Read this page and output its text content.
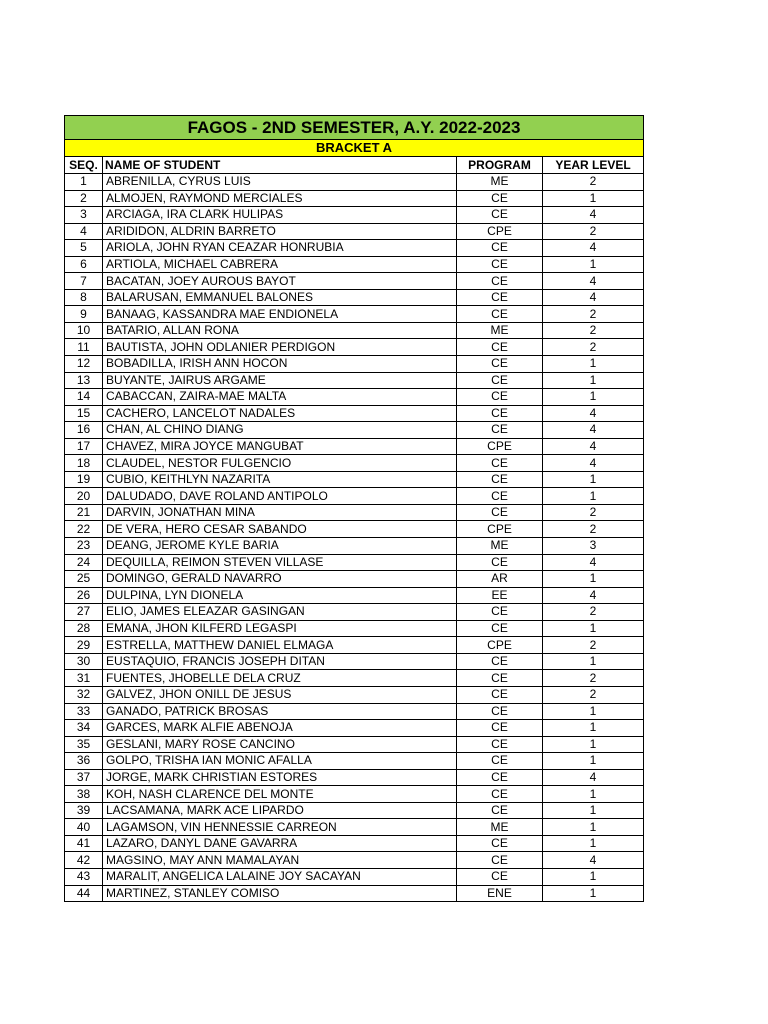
FAGOS - 2ND SEMESTER, A.Y. 2022-2023			
BRACKET A			
SEQ.	NAME OF STUDENT	PROGRAM	YEAR LEVEL
1	ABRENILLA, CYRUS LUIS	ME	2
2	ALMOJEN, RAYMOND MERCIALES	CE	1
3	ARCIAGA, IRA CLARK HULIPAS	CE	4
4	ARIDIDON, ALDRIN BARRETO	CPE	2
5	ARIOLA, JOHN RYAN CEAZAR HONRUBIA	CE	4
6	ARTIOLA, MICHAEL CABRERA	CE	1
7	BACATAN, JOEY AUROUS BAYOT	CE	4
8	BALARUSAN, EMMANUEL BALONES	CE	4
9	BANAAG, KASSANDRA MAE ENDIONELA	CE	2
10	BATARIO, ALLAN RONA	ME	2
11	BAUTISTA, JOHN ODLANIER PERDIGON	CE	2
12	BOBADILLA, IRISH ANN HOCON	CE	1
13	BUYANTE, JAIRUS ARGAME	CE	1
14	CABACCAN, ZAIRA-MAE MALTA	CE	1
15	CACHERO, LANCELOT NADALES	CE	4
16	CHAN, AL CHINO DIANG	CE	4
17	CHAVEZ, MIRA JOYCE MANGUBAT	CPE	4
18	CLAUDEL, NESTOR FULGENCIO	CE	4
19	CUBIO, KEITHLYN NAZARITA	CE	1
20	DALUDADO, DAVE ROLAND ANTIPOLO	CE	1
21	DARVIN, JONATHAN MINA	CE	2
22	DE VERA, HERO CESAR SABANDO	CPE	2
23	DEANG, JEROME KYLE BARIA	ME	3
24	DEQUILLA, REIMON STEVEN VILLASE	CE	4
25	DOMINGO, GERALD NAVARRO	AR	1
26	DULPINA, LYN DIONELA	EE	4
27	ELIO, JAMES ELEAZAR GASINGAN	CE	2
28	EMANA, JHON KILFERD LEGASPI	CE	1
29	ESTRELLA, MATTHEW DANIEL ELMAGA	CPE	2
30	EUSTAQUIO, FRANCIS JOSEPH DITAN	CE	1
31	FUENTES, JHOBELLE DELA CRUZ	CE	2
32	GALVEZ, JHON ONILL DE JESUS	CE	2
33	GANADO, PATRICK BROSAS	CE	1
34	GARCES, MARK ALFIE ABENOJA	CE	1
35	GESLANI, MARY ROSE CANCINO	CE	1
36	GOLPO, TRISHA IAN MONIC AFALLA	CE	1
37	JORGE, MARK CHRISTIAN ESTORES	CE	4
38	KOH, NASH CLARENCE DEL MONTE	CE	1
39	LACSAMANA, MARK ACE LIPARDO	CE	1
40	LAGAMSON, VIN HENNESSIE CARREON	ME	1
41	LAZARO, DANYL DANE GAVARRA	CE	1
42	MAGSINO, MAY ANN MAMALAYAN	CE	4
43	MARALIT, ANGELICA LALAINE JOY SACAYAN	CE	1
44	MARTINEZ, STANLEY COMISO	ENE	1
